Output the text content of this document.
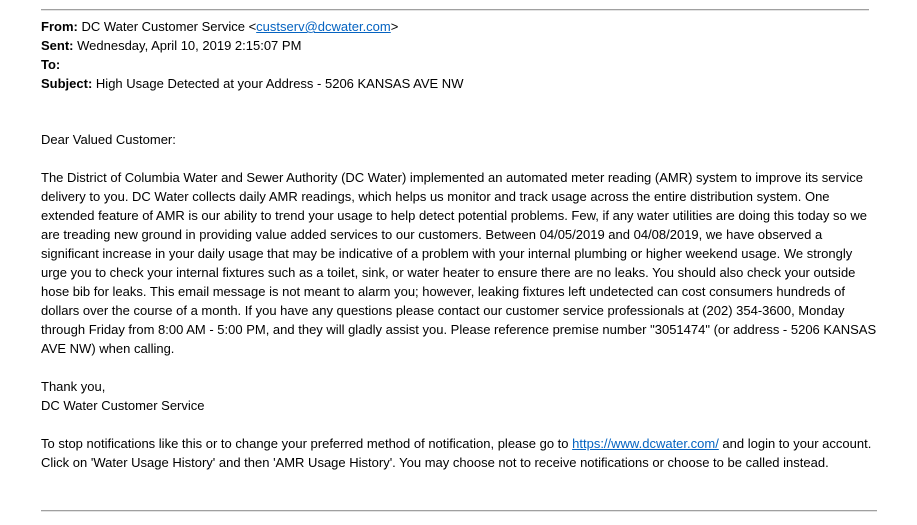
From: DC Water Customer Service <custserv@dcwater.com>
Sent: Wednesday, April 10, 2019 2:15:07 PM
To:
Subject: High Usage Detected at your Address - 5206 KANSAS AVE NW

Dear Valued Customer:

The District of Columbia Water and Sewer Authority (DC Water) implemented an automated meter reading (AMR) system to improve its service delivery to you. DC Water collects daily AMR readings, which helps us monitor and track usage across the entire distribution system. One extended feature of AMR is our ability to trend your usage to help detect potential problems. Few, if any water utilities are doing this today so we are treading new ground in providing value added services to our customers. Between 04/05/2019 and 04/08/2019, we have observed a significant increase in your daily usage that may be indicative of a problem with your internal plumbing or higher weekend usage. We strongly urge you to check your internal fixtures such as a toilet, sink, or water heater to ensure there are no leaks. You should also check your outside hose bib for leaks. This email message is not meant to alarm you; however, leaking fixtures left undetected can cost consumers hundreds of dollars over the course of a month. If you have any questions please contact our customer service professionals at (202) 354-3600, Monday through Friday from 8:00 AM - 5:00 PM, and they will gladly assist you. Please reference premise number "3051474" (or address - 5206 KANSAS AVE NW) when calling.

Thank you,

DC Water Customer Service

To stop notifications like this or to change your preferred method of notification, please go to https://www.dcwater.com/ and login to your account. Click on 'Water Usage History' and then 'AMR Usage History'. You may choose not to receive notifications or choose to be called instead.
